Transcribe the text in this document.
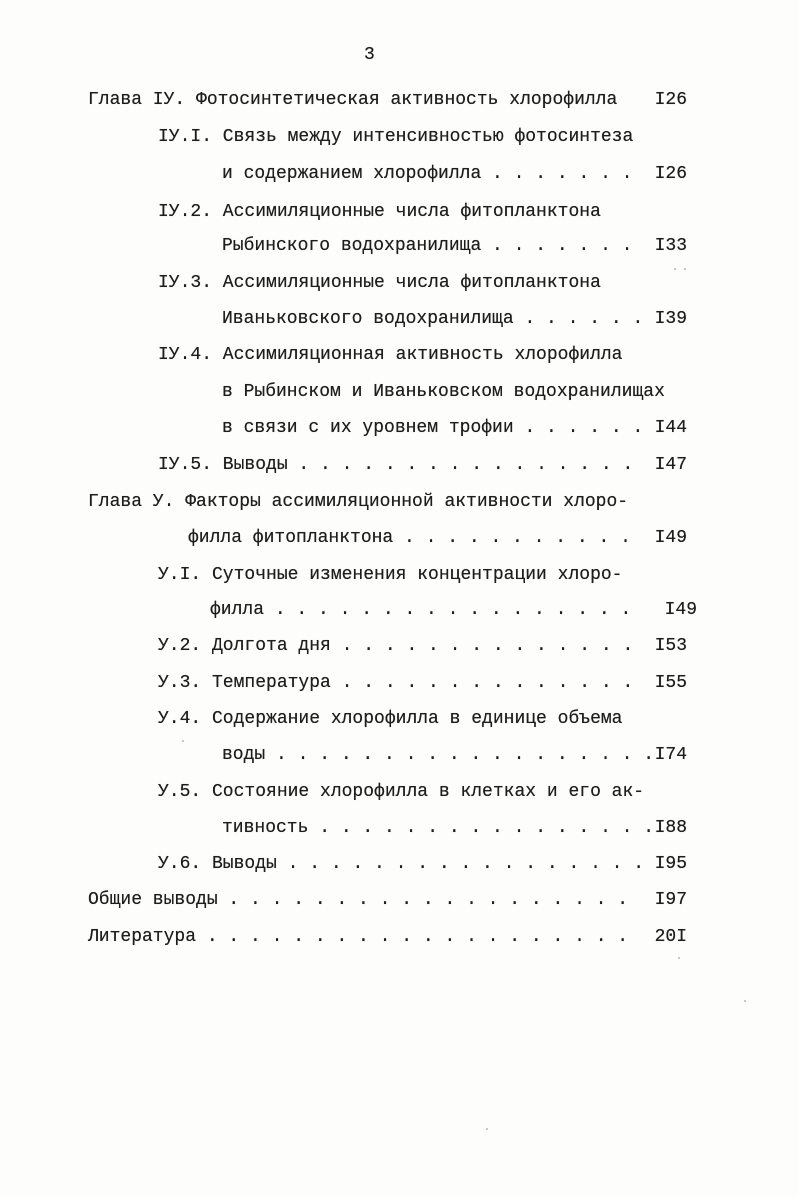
3
Глава IУ. Фотосинтетическая активность хлорофилла
I26
IУ.I. Связь между интенсивностью фотосинтеза
и содержанием хлорофилла . . . . . . . I26
IУ.2. Ассимиляционные числа фитопланктона
Рыбинского водохранилища . . . . . . . I33
IУ.3. Ассимиляционные числа фитопланктона
Иваньковского водохранилища . . . . . . I39
IУ.4. Ассимиляционная активность хлорофилла
в Рыбинском и Иваньковском водохранилищах
в связи с их уровнем трофии . . . . . . I44
IУ.5. Выводы . . . . . . . . . . . . . . . . I47
Глава У. Факторы ассимиляционной активности хлоро-
филла фитопланктона . . . . . . . . . . . I49
У.I. Суточные изменения концентрации хлоро-
филла . . . . . . . . . . . . . . . . . I49
У.2. Долгота дня . . . . . . . . . . . . . . I53
У.3. Температура . . . . . . . . . . . . . . I55
У.4. Содержание хлорофилла в единице объема
воды . . . . . . . . . . . . . . . . . . I74
У.5. Состояние хлорофилла в клетках и его ак-
тивность . . . . . . . . . . . . . . . . I88
У.6. Выводы . . . . . . . . . . . . . . . . . I95
Общие выводы . . . . . . . . . . . . . . . . . . . I97
Литература . . . . . . . . . . . . . . . . . . . . 20I
